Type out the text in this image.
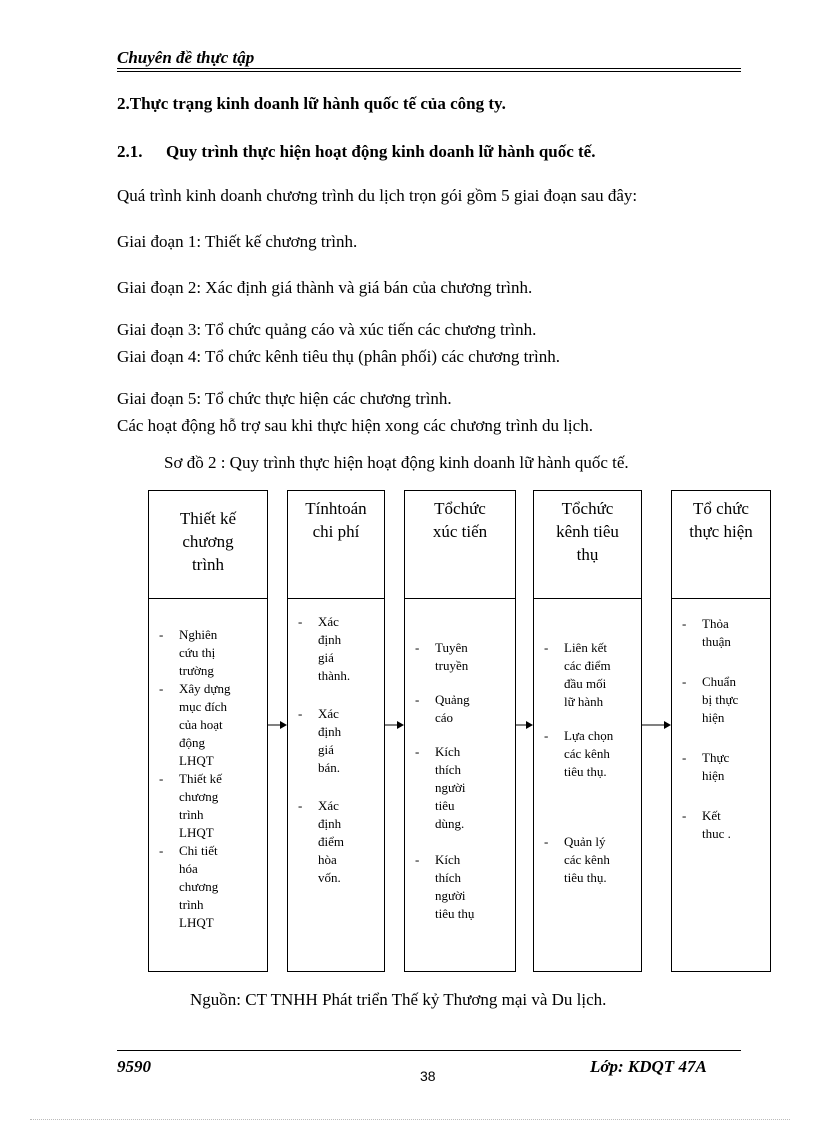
Chuyên đề thực tập
2.Thực trạng kinh doanh lữ hành quốc tế của công ty.
2.1. Quy trình thực hiện hoạt động kinh doanh lữ hành quốc tế.
Quá trình kinh doanh chương trình du lịch trọn gói gồm 5 giai đoạn sau đây:
Giai đoạn 1: Thiết kế chương trình.
Giai đoạn 2: Xác định giá thành và giá bán của chương trình.
Giai đoạn 3: Tổ chức quảng cáo và xúc tiến các chương trình.
Giai đoạn 4: Tổ chức kênh tiêu thụ (phân phối) các chương trình.
Giai đoạn 5: Tổ chức thực hiện các chương trình.
Các hoạt động hỗ trợ sau khi thực hiện xong các chương trình du lịch.
Sơ đồ 2 : Quy trình thực hiện hoạt động kinh doanh lữ hành quốc tế.
Thiết kế
chương
trình
- Nghiên
cứu thị
trường
- Xây dựng
mục đích
của hoạt
động
LHQT
- Thiết kế
chương
trình
LHQT
- Chi tiết
hóa
chương
trình
LHQT
Tínhtoán
chi phí
- Xác
định
giá
thành.
- Xác
định
giá
bán.
- Xác
định
điểm
hòa
vốn.
Tổchức
xúc tiến
- Tuyên
truyền
- Quảng
cáo
- Kích
thích
người
tiêu
dùng.
- Kích
thích
người
tiêu thụ
Tổchức
kênh tiêu
thụ
- Liên kết
các điểm
đầu mối
lữ hành
- Lựa chọn
các kênh
tiêu thụ.
- Quản lý
các kênh
tiêu thụ.
Tổ chức
thực hiện
- Thỏa
thuận
- Chuẩn
bị thực
hiện
- Thực
hiện
- Kết
thuc .
Nguồn: CT TNHH Phát triển Thế kỷ Thương mại và Du lịch.
9590	38	Lớp: KDQT 47A
